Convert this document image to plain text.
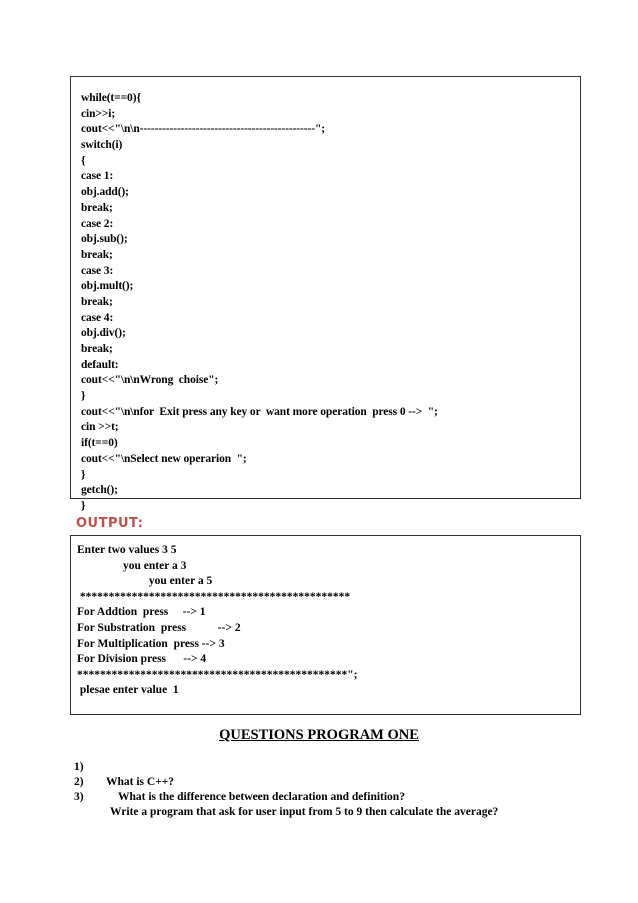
while(t==0){
cin>>i;
cout<<"\n\n-----------------------------------------------";
switch(i)
{
case 1:
obj.add();
break;
case 2:
obj.sub();
break;
case 3:
obj.mult();
break;
case 4:
obj.div();
break;
default:
cout<<"\n\nWrong  choise";
}
cout<<"\n\nfor  Exit press any key or  want more operation  press 0 -->  ";
cin >>t;
if(t==0)
cout<<"\nSelect new operarion  ";
}
getch();
}
OUTPUT:
Enter two values 3 5
you enter a 3
you enter a 5
***********************************************
For Addtion  press     --> 1
For Substration  press           --> 2
For Multiplication  press --> 3
For Division press      --> 4
***********************************************";
plesae enter value  1
QUESTIONS PROGRAM ONE

1)

What is C++?

2)

What is the difference between declaration and definition?

3)

Write a program that ask for user input from 5 to 9 then calculate the average?
